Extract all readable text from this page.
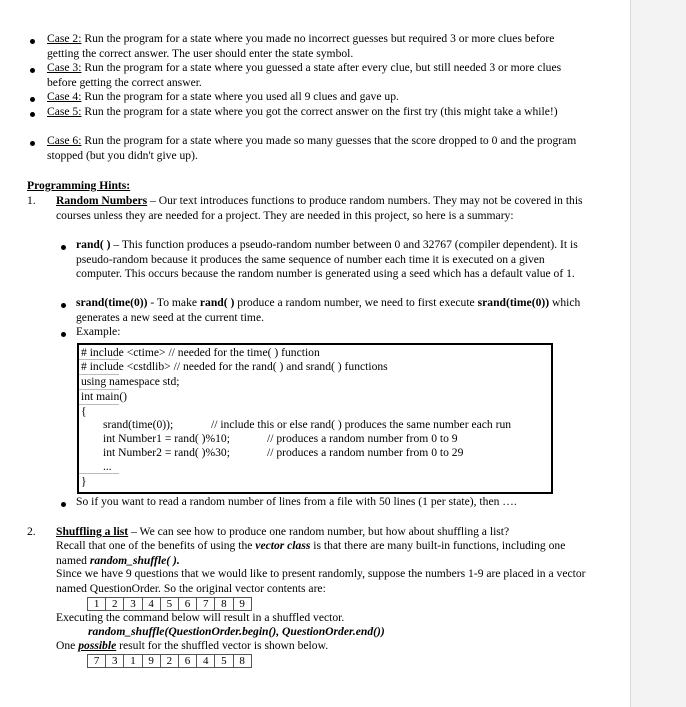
Case 2: Run the program for a state where you made no incorrect guesses but required 3 or more clues before getting the correct answer. The user should enter the state symbol.
Case 3: Run the program for a state where you guessed a state after every clue, but still needed 3 or more clues before getting the correct answer.
Case 4: Run the program for a state where you used all 9 clues and gave up.
Case 5: Run the program for a state where you got the correct answer on the first try (this might take a while!)
Case 6: Run the program for a state where you made so many guesses that the score dropped to 0 and the program stopped (but you didn't give up).
Programming Hints:
1. Random Numbers – Our text introduces functions to produce random numbers. They may not be covered in this courses unless they are needed for a project. They are needed in this project, so here is a summary:
rand( ) – This function produces a pseudo-random number between 0 and 32767 (compiler dependent). It is pseudo-random because it produces the same sequence of number each time it is executed on a given computer. This occurs because the random number is generated using a seed which has a default value of 1.
srand(time(0)) - To make rand( ) produce a random number, we need to first execute srand(time(0)) which generates a new seed at the current time.
Example:
# include <ctime> // needed for the time( ) function
# include <cstdlib> // needed for the rand( ) and srand( ) functions
using namespace std;
int main()
{
srand(time(0));	// include this or else rand( ) produces the same number each run
int Number1 = rand( )%10;	// produces a random number from 0 to 9
int Number2 = rand( )%30;	// produces a random number from 0 to 29
...
}
So if you want to read a random number of lines from a file with 50 lines (1 per state), then ….
2. Shuffling a list – We can see how to produce one random number, but how about shuffling a list?
Recall that one of the benefits of using the vector class is that there are many built-in functions, including one named random_shuffle( ).
Since we have 9 questions that we would like to present randomly, suppose the numbers 1-9 are placed in a vector named QuestionOrder. So the original vector contents are:
1	2	3	4	5	6	7	8	9
Executing the command below will result in a shuffled vector.
random_shuffle(QuestionOrder.begin(), QuestionOrder.end())
One possible result for the shuffled vector is shown below.
7	3	1	9	2	6	4	5	8
